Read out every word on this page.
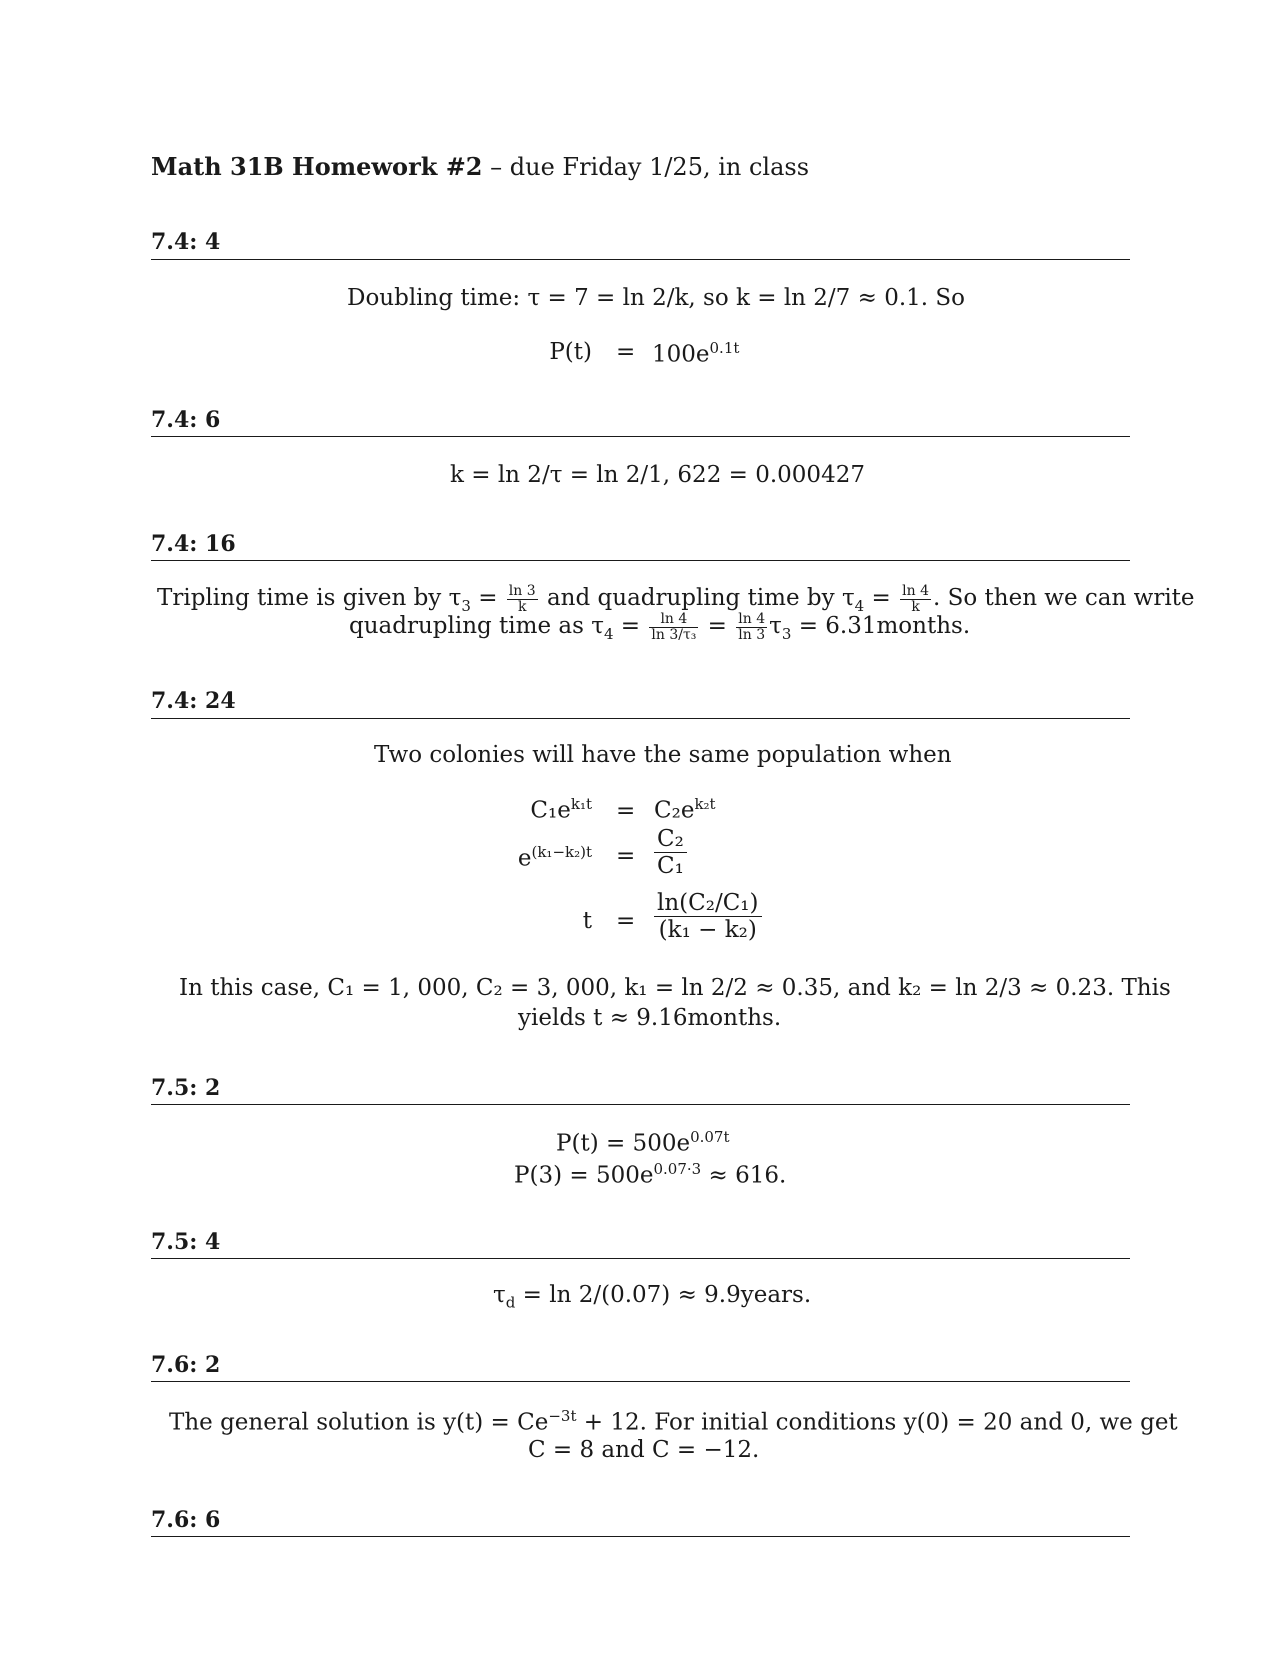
Math 31B Homework #2 – due Friday 1/25, in class
7.4: 4
Doubling time: τ = 7 = ln 2/k, so k = ln 2/7 ≈ 0.1. So
$P(t) = 100e^{0.1t}$
7.4: 6
k = ln 2/τ = ln 2/1, 622 = 0.000427
7.4: 16
Tripling time is given by $\tau_3 = \frac{\ln 3}{k}$ and quadrupling time by $\tau_4 = \frac{\ln 4}{k}$ . So then we can write
quadrupling time as $\tau_4 = \frac{\ln 4}{\text{ln 3/τ₃}} = \frac{\ln 4}{\ln 3} \tau_3$ = 6.31months.
7.4: 24
Two colonies will have the same population when
$C_1e^{k_1t} = C_2e^{k_2t}$
$e^{(k_1-k_2)t} = \frac{\text{C₂}}{\text{C₁}}$
$t = \frac{\text{ln(C₂/C₁)}}{\text{(k₁ − k₂)}}$
In this case, C₁ = 1, 000, C₂ = 3, 000, k₁ = ln 2/2 ≈ 0.35, and k₂ = ln 2/3 ≈ 0.23. This
yields t ≈ 9.16months.
7.5: 2
$P(t) = 500e^{0.07t}$
$P(3) = 500e^{0.07\cdot 3} \approx 616$.
7.5: 4
$\tau_d = \ln 2/(0.07)$ ≈ 9.9years.
7.6: 2
The general solution is $y(t) = Ce^{-3t} + 12$. For initial conditions y(0) = 20 and 0, we get
C = 8 and C = −12.
7.6: 6
